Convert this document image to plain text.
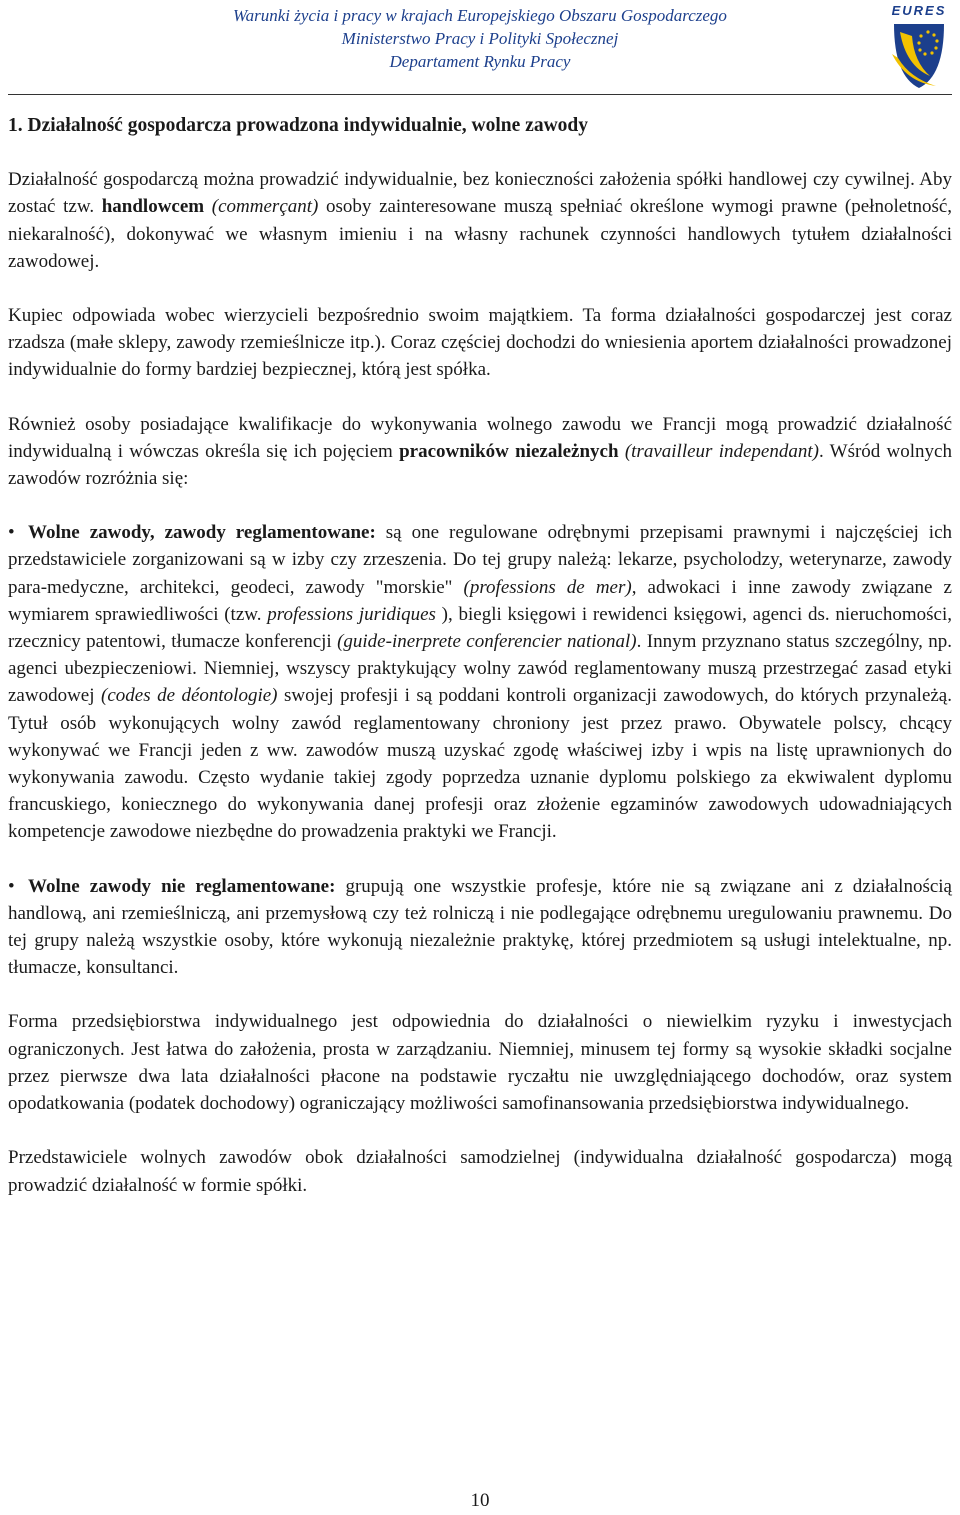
Warunki życia i pracy w krajach Europejskiego Obszaru Gospodarczego
Ministerstwo Pracy i Polityki Społecznej
Departament Rynku Pracy
EURES

1. Działalność gospodarcza prowadzona indywidualnie, wolne zawody

Działalność gospodarczą można prowadzić indywidualnie, bez konieczności założenia spółki handlowej czy cywilnej. Aby zostać tzw. handlowcem (commerçant) osoby zainteresowane muszą spełniać określone wymogi prawne (pełnoletność, niekaralność), dokonywać we własnym imieniu i na własny rachunek czynności handlowych tytułem działalności zawodowej.

Kupiec odpowiada wobec wierzycieli bezpośrednio swoim majątkiem. Ta forma działalności gospodarczej jest coraz rzadsza (małe sklepy, zawody rzemieślnicze itp.). Coraz częściej dochodzi do wniesienia aportem działalności prowadzonej indywidualnie do formy bardziej bezpiecznej, którą jest spółka.

Również osoby posiadające kwalifikacje do wykonywania wolnego zawodu we Francji mogą prowadzić działalność indywidualną i wówczas określa się ich pojęciem pracowników niezależnych (travailleur independant). Wśród wolnych zawodów rozróżnia się:

• Wolne zawody, zawody reglamentowane: są one regulowane odrębnymi przepisami prawnymi i najczęściej ich przedstawiciele zorganizowani są w izby czy zrzeszenia. Do tej grupy należą: lekarze, psycholodzy, weterynarze, zawody para-medyczne, architekci, geodeci, zawody "morskie" (professions de mer), adwokaci i inne zawody związane z wymiarem sprawiedliwości (tzw. professions juridiques ), biegli księgowi i rewidenci księgowi, agenci ds. nieruchomości, rzecznicy patentowi, tłumacze konferencji (guide-inerprete conferencier national). Innym przyznano status szczególny, np. agenci ubezpieczeniowi. Niemniej, wszyscy praktykujący wolny zawód reglamentowany muszą przestrzegać zasad etyki zawodowej (codes de déontologie) swojej profesji i są poddani kontroli organizacji zawodowych, do których przynależą. Tytuł osób wykonujących wolny zawód reglamentowany chroniony jest przez prawo. Obywatele polscy, chcący wykonywać we Francji jeden z ww. zawodów muszą uzyskać zgodę właściwej izby i wpis na listę uprawnionych do wykonywania zawodu. Często wydanie takiej zgody poprzedza uznanie dyplomu polskiego za ekwiwalent dyplomu francuskiego, koniecznego do wykonywania danej profesji oraz złożenie egzaminów zawodowych udowadniających kompetencje zawodowe niezbędne do prowadzenia praktyki we Francji.

• Wolne zawody nie reglamentowane: grupują one wszystkie profesje, które nie są związane ani z działalnością handlową, ani rzemieślniczą, ani przemysłową czy też rolniczą i nie podlegające odrębnemu uregulowaniu prawnemu. Do tej grupy należą wszystkie osoby, które wykonują niezależnie praktykę, której przedmiotem są usługi intelektualne, np. tłumacze, konsultanci.

Forma przedsiębiorstwa indywidualnego jest odpowiednia do działalności o niewielkim ryzyku i inwestycjach ograniczonych. Jest łatwa do założenia, prosta w zarządzaniu. Niemniej, minusem tej formy są wysokie składki socjalne przez pierwsze dwa lata działalności płacone na podstawie ryczałtu nie uwzględniającego dochodów, oraz system opodatkowania (podatek dochodowy) ograniczający możliwości samofinansowania przedsiębiorstwa indywidualnego.

Przedstawiciele wolnych zawodów obok działalności samodzielnej (indywidualna działalność gospodarcza) mogą prowadzić działalność w formie spółki.

10
